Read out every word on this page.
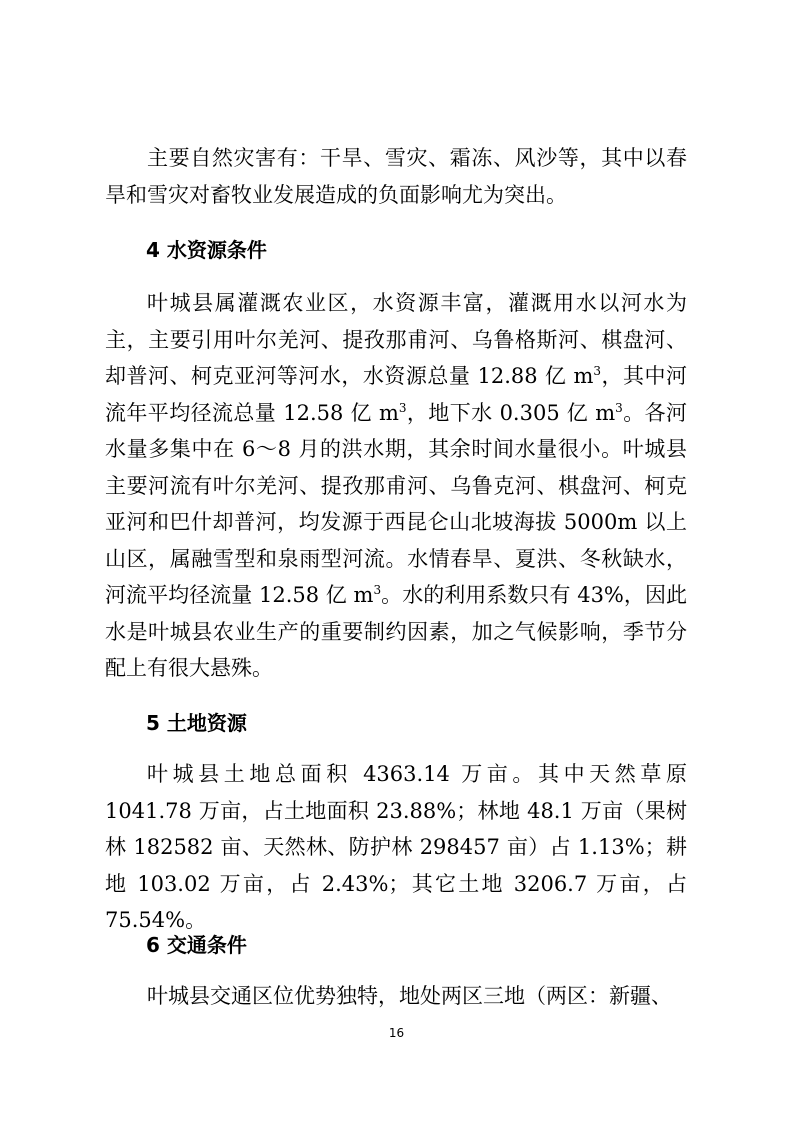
主要自然灾害有：干旱、雪灾、霜冻、风沙等，其中以春旱和雪灾对畜牧业发展造成的负面影响尤为突出。

4 水资源条件

叶城县属灌溉农业区，水资源丰富，灌溉用水以河水为主，主要引用叶尔羌河、提孜那甫河、乌鲁格斯河、棋盘河、却普河、柯克亚河等河水，水资源总量 12.88 亿 $m^3$，其中河流年平均径流总量 12.58 亿 $m^3$，地下水 0.305 亿 $m^3$。各河水量多集中在 6～8 月的洪水期，其余时间水量很小。叶城县主要河流有叶尔羌河、提孜那甫河、乌鲁克河、棋盘河、柯克亚河和巴什却普河，均发源于西昆仑山北坡海拔 5000m 以上山区，属融雪型和泉雨型河流。水情春旱、夏洪、冬秋缺水，河流平均径流量 12.58 亿 $m^3$。水的利用系数只有 43%，因此水是叶城县农业生产的重要制约因素，加之气候影响，季节分配上有很大悬殊。

5 土地资源

叶城县土地总面积 4363.14 万亩。其中天然草原 1041.78 万亩，占土地面积 23.88%；林地 48.1 万亩（果树林 182582 亩、天然林、防护林 298457 亩）占 1.13%；耕地 103.02 万亩，占 2.43%；其它土地 3206.7 万亩，占 75.54%。

6 交通条件

叶城县交通区位优势独特，地处两区三地（两区：新疆、

16
